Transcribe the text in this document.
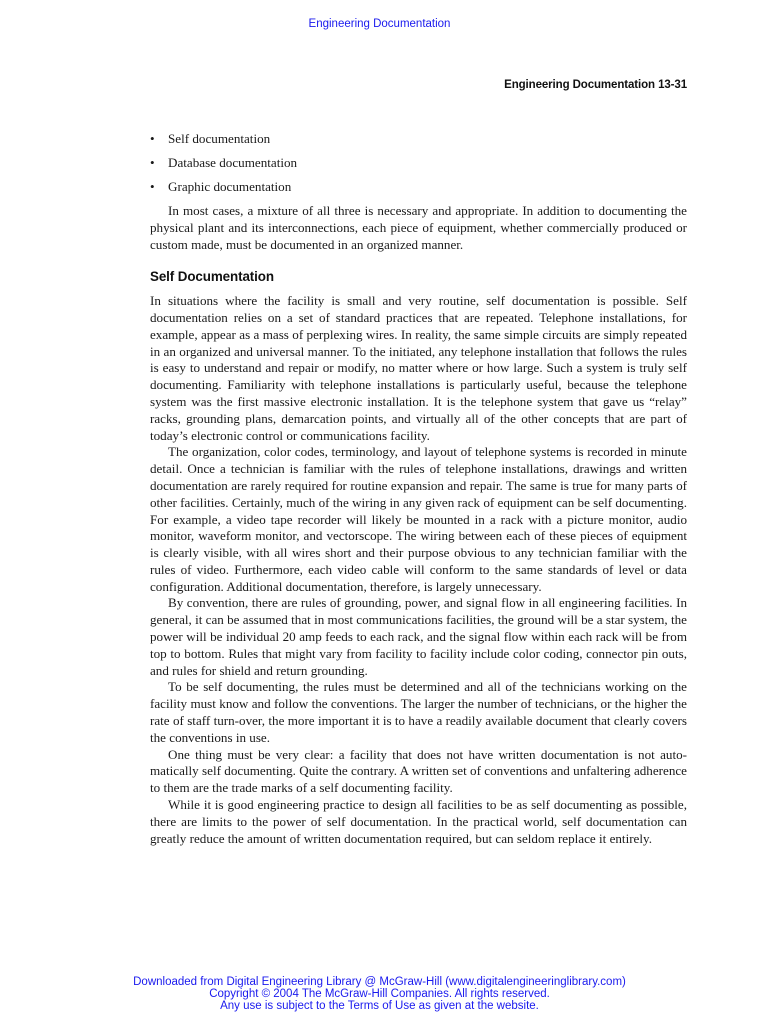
Engineering Documentation
Engineering Documentation 13-31
• Self documentation
• Database documentation
• Graphic documentation

In most cases, a mixture of all three is necessary and appropriate. In addition to documenting the physical plant and its interconnections, each piece of equipment, whether commercially produced or custom made, must be documented in an organized manner.

Self Documentation

In situations where the facility is small and very routine, self documentation is possible. Self documentation relies on a set of standard practices that are repeated. Telephone installations, for example, appear as a mass of perplexing wires. In reality, the same simple circuits are simply repeated in an organized and universal manner. To the initiated, any telephone installation that follows the rules is easy to understand and repair or modify, no matter where or how large. Such a system is truly self documenting. Familiarity with telephone installations is particularly useful, because the telephone system was the first massive electronic installation. It is the telephone system that gave us “relay” racks, grounding plans, demarcation points, and virtually all of the other concepts that are part of today’s electronic control or communications facility.

The organization, color codes, terminology, and layout of telephone systems is recorded in minute detail. Once a technician is familiar with the rules of telephone installations, drawings and written documentation are rarely required for routine expansion and repair. The same is true for many parts of other facilities. Certainly, much of the wiring in any given rack of equipment can be self documenting. For example, a video tape recorder will likely be mounted in a rack with a picture monitor, audio monitor, waveform monitor, and vectorscope. The wiring between each of these pieces of equipment is clearly visible, with all wires short and their purpose obvious to any technician familiar with the rules of video. Furthermore, each video cable will conform to the same standards of level or data configuration. Additional documentation, therefore, is largely unnecessary.

By convention, there are rules of grounding, power, and signal flow in all engineering facilities. In general, it can be assumed that in most communications facilities, the ground will be a star system, the power will be individual 20 amp feeds to each rack, and the signal flow within each rack will be from top to bottom. Rules that might vary from facility to facility include color coding, connector pin outs, and rules for shield and return grounding.

To be self documenting, the rules must be determined and all of the technicians working on the facility must know and follow the conventions. The larger the number of technicians, or the higher the rate of staff turn-over, the more important it is to have a readily available document that clearly covers the conventions in use.

One thing must be very clear: a facility that does not have written documentation is not automatically self documenting. Quite the contrary. A written set of conventions and unfaltering adherence to them are the trade marks of a self documenting facility.

While it is good engineering practice to design all facilities to be as self documenting as possible, there are limits to the power of self documentation. In the practical world, self documentation can greatly reduce the amount of written documentation required, but can seldom replace it entirely.

Downloaded from Digital Engineering Library @ McGraw-Hill (www.digitalengineeringlibrary.com)
Copyright © 2004 The McGraw-Hill Companies. All rights reserved.
Any use is subject to the Terms of Use as given at the website.
